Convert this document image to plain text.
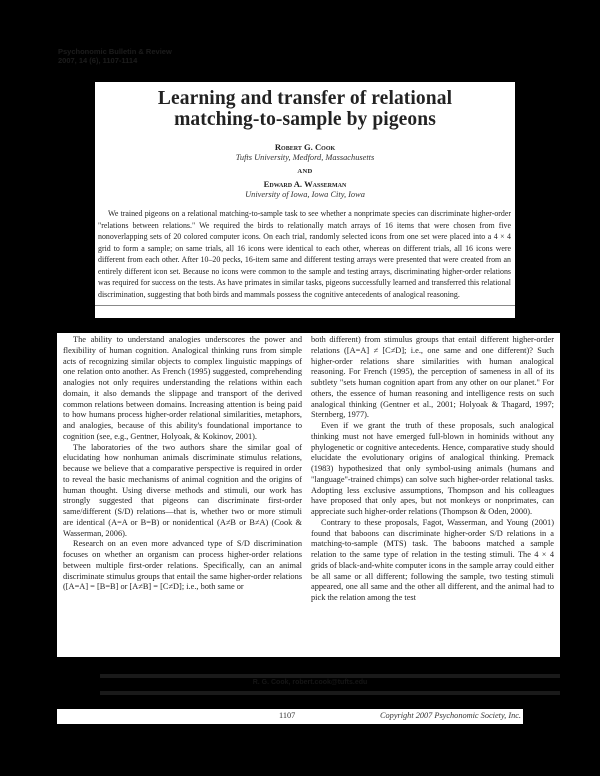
Psychonomic Bulletin & Review
2007, 14 (6), 1107-1114
Learning and transfer of relational
matching-to-sample by pigeons
Robert G. Cook
Tufts University, Medford, Massachusetts
AND
Edward A. Wasserman
University of Iowa, Iowa City, Iowa
We trained pigeons on a relational matching-to-sample task to see whether a nonprimate species can discriminate higher-order "relations between relations." We required the birds to relationally match arrays of 16 items that were chosen from five nonoverlapping sets of 20 colored computer icons. On each trial, randomly selected icons from one set were placed into a 4 × 4 grid to form a sample; on same trials, all 16 icons were identical to each other, whereas on different trials, all 16 icons were different from each other. After 10–20 pecks, 16-item same and different testing arrays were presented that were created from an entirely different icon set. Because no icons were common to the sample and testing arrays, discriminating higher-order relations was required for success on the tests. As have primates in similar tasks, pigeons successfully learned and transferred this relational discrimination, suggesting that both birds and mammals possess the cognitive antecedents of analogical reasoning.

The ability to understand analogies underscores the power and flexibility of human cognition. Analogical thinking runs from simple acts of recognizing similar objects to complex linguistic mappings of one relation onto another. As French (1995) suggested, comprehending analogies not only requires understanding the relations within each domain, it also demands the slippage and transport of the derived common relations between domains. Increasing attention is being paid to how humans process higher-order relational similarities, metaphors, and analogies, because of this ability's foundational importance to cognition (see, e.g., Gentner, Holyoak, & Kokinov, 2001).

The laboratories of the two authors share the similar goal of elucidating how nonhuman animals discriminate stimulus relations, because we believe that a comparative perspective is required in order to reveal the basic mechanisms of animal cognition and the origins of human thought. Using diverse methods and stimuli, our work has strongly suggested that pigeons can discriminate first-order same/different (S/D) relations—that is, whether two or more stimuli are identical (A=A or B=B) or nonidentical (A≠B or B≠A) (Cook & Wasserman, 2006).

Research on an even more advanced type of S/D discrimination focuses on whether an organism can process higher-order relations between multiple first-order relations. Specifically, can an animal discriminate stimulus groups that entail the same higher-order relations ([A=A] = [B=B] or [A≠B] = [C≠D]; i.e., both same or

both different) from stimulus groups that entail different higher-order relations ([A=A] ≠ [C≠D]; i.e., one same and one different)? Such higher-order relations share similarities with human analogical reasoning. For French (1995), the perception of sameness in all of its subtlety "sets human cognition apart from any other on our planet." For others, the essence of human reasoning and intelligence rests on such analogical thinking (Gentner et al., 2001; Holyoak & Thagard, 1997; Sternberg, 1977).

Even if we grant the truth of these proposals, such analogical thinking must not have emerged full-blown in hominids without any phylogenetic or cognitive antecedents. Hence, comparative study should elucidate the evolutionary origins of analogical thinking. Premack (1983) hypothesized that only symbol-using animals (humans and "language"-trained chimps) can solve such higher-order relational tasks. Adopting less exclusive assumptions, Thompson and his colleagues have proposed that only apes, but not monkeys or nonprimates, can appreciate such higher-order relations (Thompson & Oden, 2000).

Contrary to these proposals, Fagot, Wasserman, and Young (2001) found that baboons can discriminate higher-order S/D relations in a matching-to-sample (MTS) task. The baboons matched a sample relation to the same type of relation in the testing stimuli. The 4 × 4 grids of black-and-white computer icons in the sample array could either be all same or all different; following the sample, two testing stimuli appeared, one all same and the other all different, and the animal had to pick the relation among the test

R. G. Cook, robert.cook@tufts.edu
1107	Copyright 2007 Psychonomic Society, Inc.
